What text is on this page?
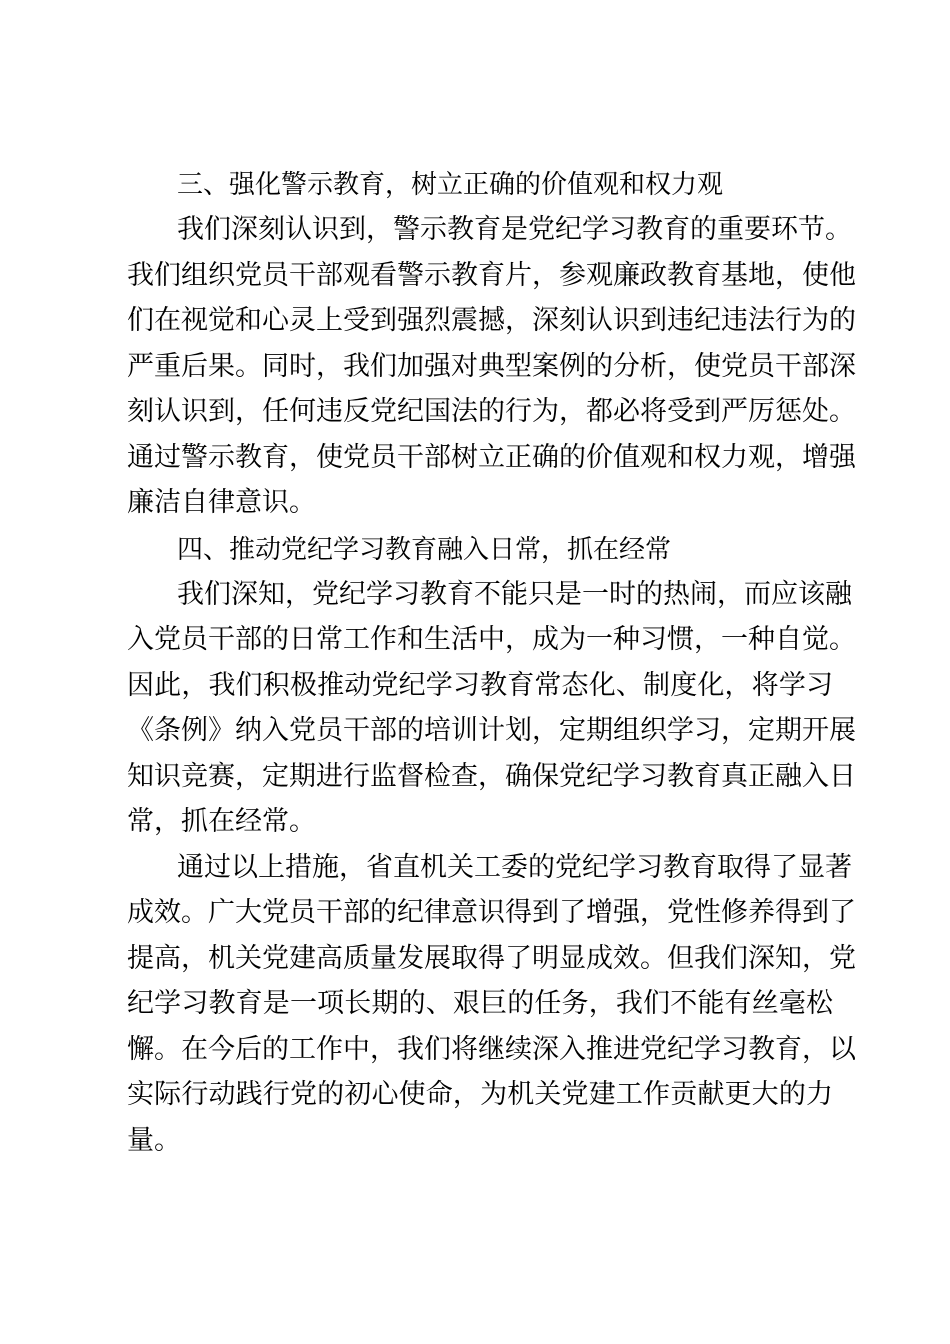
三、强化警示教育，树立正确的价值观和权力观

我们深刻认识到，警示教育是党纪学习教育的重要环节。
我们组织党员干部观看警示教育片，参观廉政教育基地，使他
们在视觉和心灵上受到强烈震撼，深刻认识到违纪违法行为的
严重后果。同时，我们加强对典型案例的分析，使党员干部深
刻认识到，任何违反党纪国法的行为，都必将受到严厉惩处。
通过警示教育，使党员干部树立正确的价值观和权力观，增强
廉洁自律意识。

四、推动党纪学习教育融入日常，抓在经常

我们深知，党纪学习教育不能只是一时的热闹，而应该融
入党员干部的日常工作和生活中，成为一种习惯，一种自觉。
因此，我们积极推动党纪学习教育常态化、制度化，将学习
《条例》纳入党员干部的培训计划，定期组织学习，定期开展
知识竞赛，定期进行监督检查，确保党纪学习教育真正融入日
常，抓在经常。
通过以上措施，省直机关工委的党纪学习教育取得了显著
成效。广大党员干部的纪律意识得到了增强，党性修养得到了
提高，机关党建高质量发展取得了明显成效。但我们深知，党
纪学习教育是一项长期的、艰巨的任务，我们不能有丝毫松
懈。在今后的工作中，我们将继续深入推进党纪学习教育，以
实际行动践行党的初心使命，为机关党建工作贡献更大的力
量。
